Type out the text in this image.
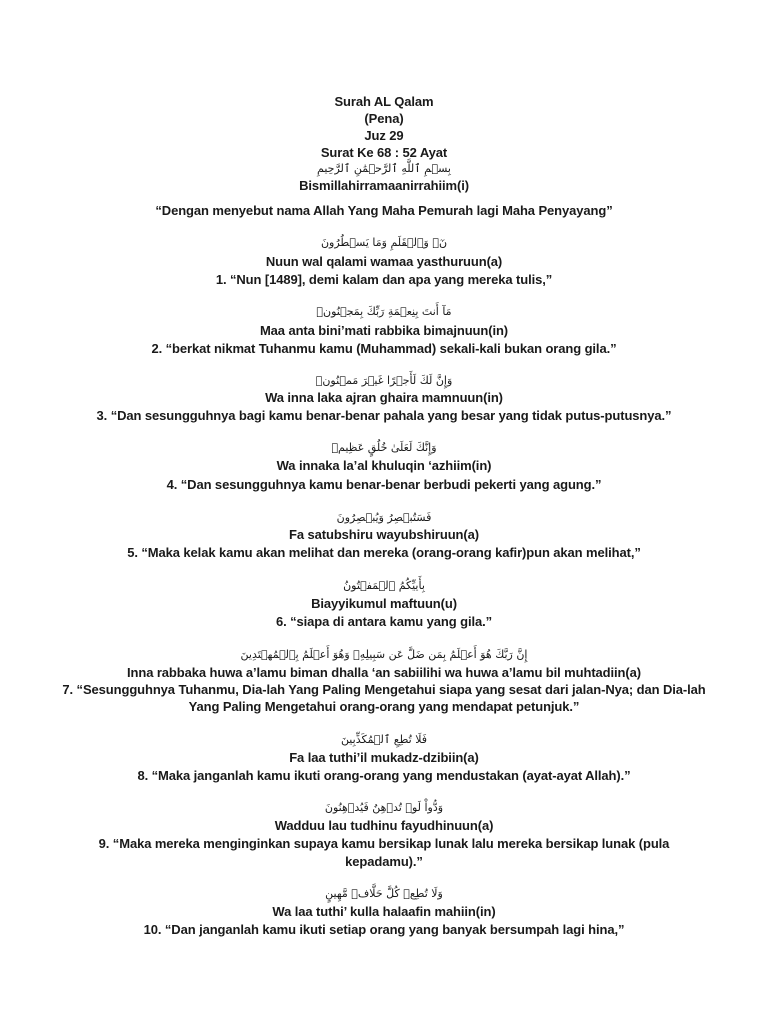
Surah AL Qalam
(Pena)
Juz 29
Surat Ke 68 : 52 Ayat
بِسۡمِ ٱللَّهِ ٱلرَّحۡمَٰنِ ٱلرَّحِيمِ
Bismillahirramaanirrahiim(i)
“Dengan menyebut nama Allah Yang Maha Pemurah lagi Maha Penyayang”
نٓۚ وَٱلۡقَلَمِ وَمَا يَسۡطُرُونَ
Nuun wal qalami wamaa yasthuruun(a)
1. “Nun [1489], demi kalam dan apa yang mereka tulis,”
مَآ أَنتَ بِنِعۡمَةِ رَبِّكَ بِمَجۡنُونٖ
Maa anta bini’mati rabbika bimajnuun(in)
2. “berkat nikmat Tuhanmu kamu (Muhammad) sekali-kali bukan orang gila.”
وَإِنَّ لَكَ لَأَجۡرًا غَيۡرَ مَمۡنُونٖ
Wa inna laka ajran ghaira mamnuun(in)
3. “Dan sesungguhnya bagi kamu benar-benar pahala yang besar yang tidak putus-putusnya.”
وَإِنَّكَ لَعَلَىٰ خُلُقٍ عَظِيمٖ
Wa innaka la’al khuluqin ‘azhiim(in)
4. “Dan sesungguhnya kamu benar-benar berbudi pekerti yang agung.”
فَسَتُبۡصِرُ وَيُبۡصِرُونَ
Fa satubshiru wayubshiruun(a)
5. “Maka kelak kamu akan melihat dan mereka (orang-orang kafir)pun akan melihat,”
بِأَييِّكُمُ ٱلۡمَفۡتُونُ
Biayyikumul maftuun(u)
6. “siapa di antara kamu yang gila.”
إِنَّ رَبَّكَ هُوَ أَعۡلَمُ بِمَن ضَلَّ عَن سَبِيلِهِۦ وَهُوَ أَعۡلَمُ بِٱلۡمُهۡتَدِينَ
Inna rabbaka huwa a’lamu biman dhalla ‘an sabiilihi wa huwa a’lamu bil muhtadiin(a)
7. “Sesungguhnya Tuhanmu, Dia-lah Yang Paling Mengetahui siapa yang sesat dari jalan-Nya; dan Dia-lah
Yang Paling Mengetahui orang-orang yang mendapat petunjuk.”
فَلَا تُطِعِ ٱلۡمُكَذِّبِينَ
Fa laa tuthi’il mukadz-dzibiin(a)
8. “Maka janganlah kamu ikuti orang-orang yang mendustakan (ayat-ayat Allah).”
وَدُّواْ لَوۡ تُدۡهِنُ فَيُدۡهِنُونَ
Wadduu lau tudhinu fayudhinuun(a)
9. “Maka mereka menginginkan supaya kamu bersikap lunak lalu mereka bersikap lunak (pula
kepadamu).”
وَلَا تُطِعۡ كُلَّ حَلَّافٖ مَّهِينٍ
Wa laa tuthi’ kulla halaafin mahiin(in)
10. “Dan janganlah kamu ikuti setiap orang yang banyak bersumpah lagi hina,”
